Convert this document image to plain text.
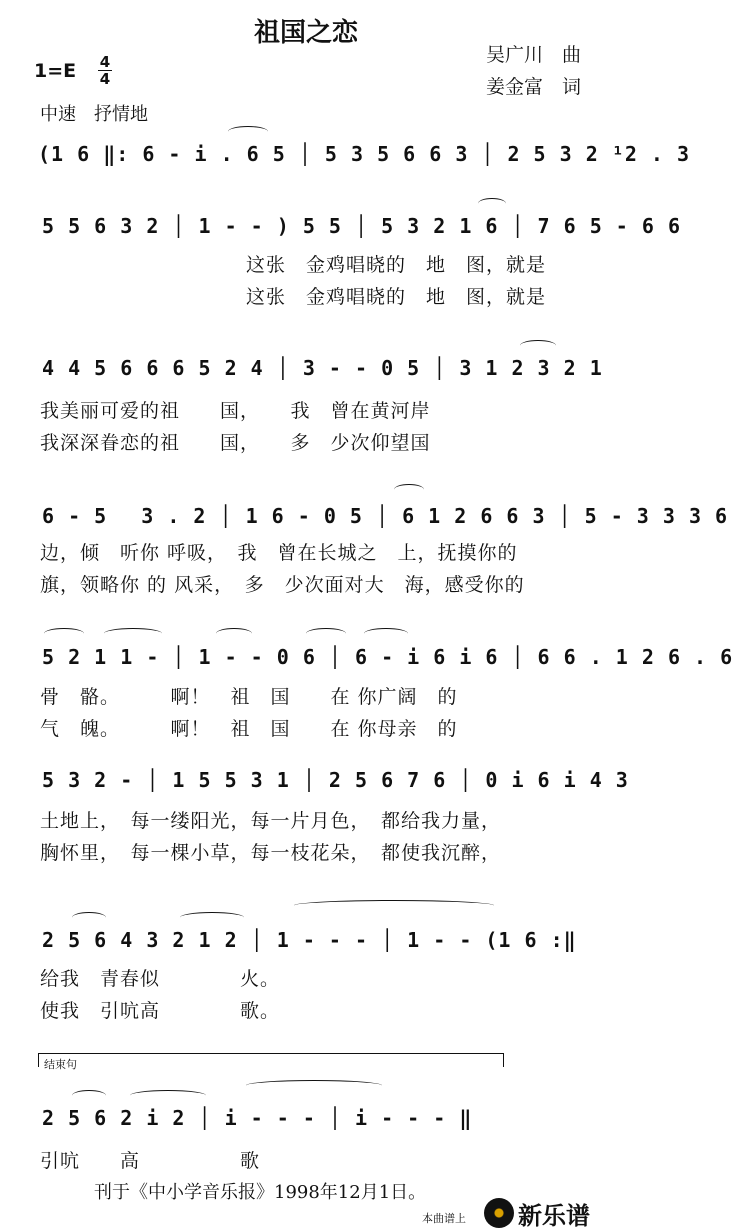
祖国之恋
吴广川　曲
姜金富　词
1=E 4
4
中速　抒情地
(1 6 ‖: 6 - i . 6 5 │ 5 3 5 6 6 3 │ 2 5 3 2 ¹2 . 3
5 5 6 3 2 │ 1 - - ) 5 5 │ 5 3 2 1 6 │ 7 6 5 - 6 6
这张　金鸡唱晓的　地　图，就是
这张　金鸡唱晓的　地　图，就是
4 4 5 6 6 6 5 2 4 │ 3 - - 0 5 │ 3 1 2 3 2 1
我美丽可爱的祖　　国，　　我　曾在黄河岸
我深深眷恋的祖　　国，　　多　少次仰望国
6 - 5　 3 . 2 │ 1 6 - 0 5 │ 6 1 2 6 6 3 │ 5 - 3 3 3 6
边，倾　听你 呼吸，　我　曾在长城之　上，抚摸你的
旗，领略你 的 风采，　多　少次面对大　海，感受你的
5 2 1 1 - │ 1 - - 0 6 │ 6 - i 6 i 6 │ 6 6 . 1 2 6 . 6
骨　骼。　　　啊！　祖　国　　在 你广阔　的
气　魄。　　　啊！　祖　国　　在 你母亲　的
5 3 2 - │ 1 5 5 3 1 │ 2 5 6 7 6 │ 0 i 6 i 4 3
土地上，　每一缕阳光，每一片月色，　都给我力量，
胸怀里，　每一棵小草，每一枝花朵，　都使我沉醉，
2 5 6 4 3 2 1 2 │ 1 - - - │ 1 - - (1 6 :‖
给我　青春似　　　　火。
使我　引吭高　　　　歌。
结束句
2 5 6 2 i 2 │ i - - - │ i - - - ‖
引吭　　高　　　　　歌
刊于《中小学音乐报》1998年12月1日。
本曲谱上 新乐谱
